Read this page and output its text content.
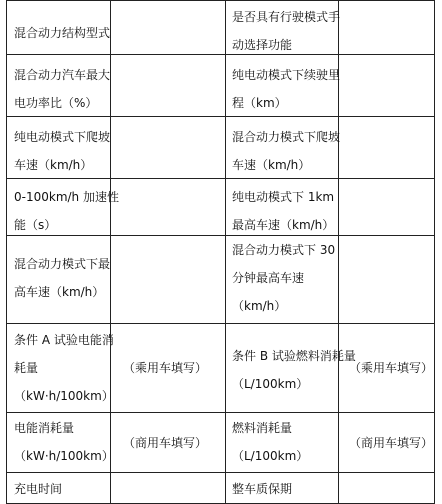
混合动力结构型式
是否具有行驶模式手
动选择功能
混合动力汽车最大
电功率比（%）
纯电动模式下续驶里
程（km）
纯电动模式下爬坡
车速（km/h）
混合动力模式下爬坡
车速（km/h）
0-100km/h 加速性
能（s）
纯电动模式下 1km
最高车速（km/h）
混合动力模式下最
高车速（km/h）
混合动力模式下 30
分钟最高车速
（km/h）
条件 A 试验电能消
耗量
（kW·h/100km）
（乘用车填写）
条件 B 试验燃料消耗量
（L/100km）
（乘用车填写）
电能消耗量
（kW·h/100km）
（商用车填写）
燃料消耗量
（L/100km）
（商用车填写）
充电时间	整车质保期
